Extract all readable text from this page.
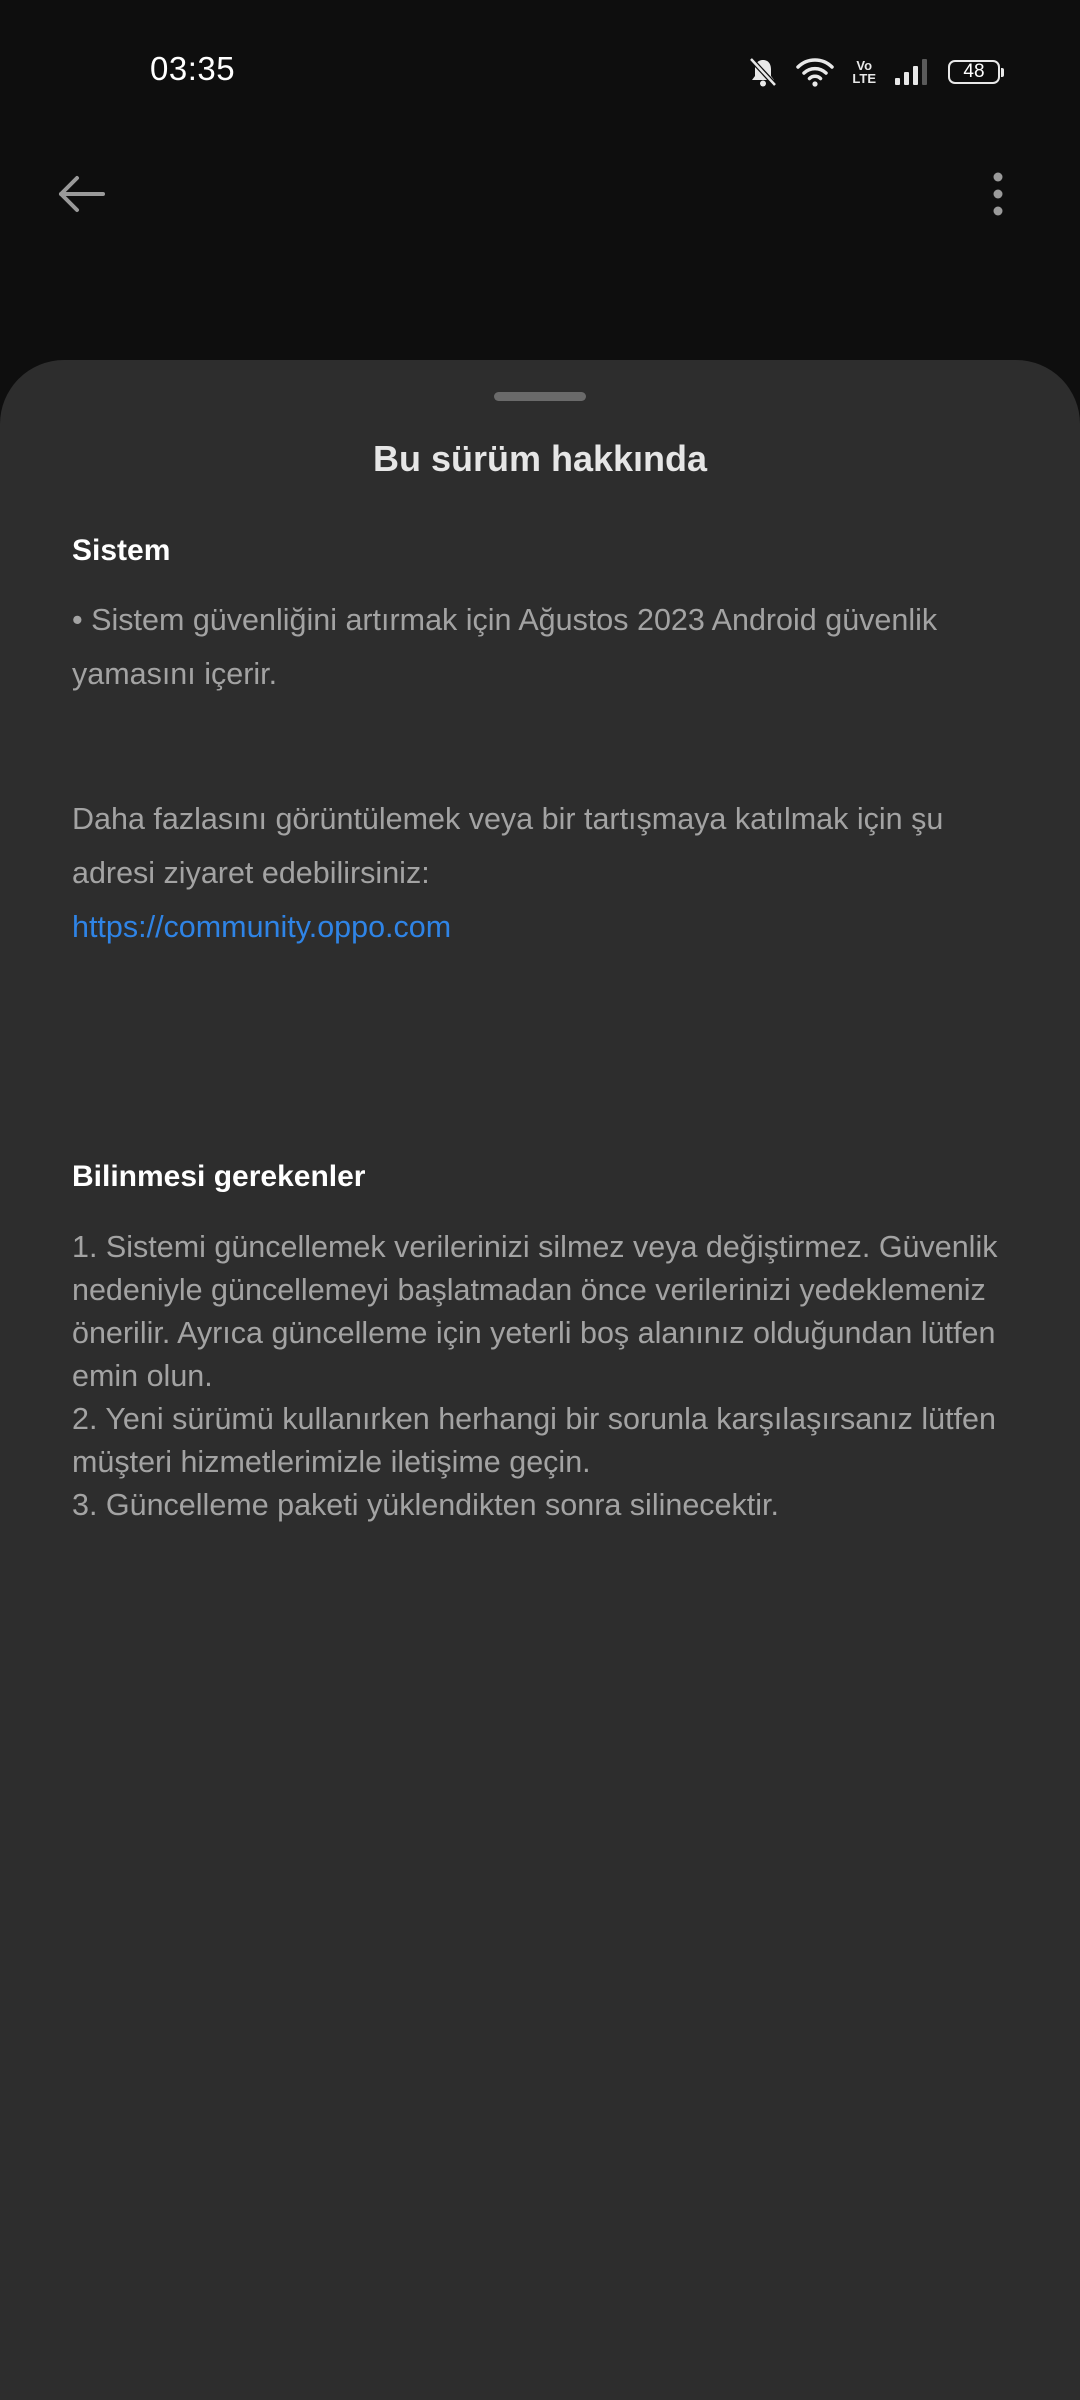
03:35	Vo
LTE	48
Bu sürüm hakkında
Sistem
• Sistem güvenliğini artırmak için Ağustos 2023 Android güvenlik yamasını içerir.
Daha fazlasını görüntülemek veya bir tartışmaya katılmak için şu adresi ziyaret edebilirsiniz:
https://community.oppo.com
Bilinmesi gerekenler
1. Sistemi güncellemek verilerinizi silmez veya değiştirmez. Güvenlik nedeniyle güncellemeyi başlatmadan önce verilerinizi yedeklemeniz önerilir. Ayrıca güncelleme için yeterli boş alanınız olduğundan lütfen emin olun.
2. Yeni sürümü kullanırken herhangi bir sorunla karşılaşırsanız lütfen müşteri hizmetlerimizle iletişime geçin.
3. Güncelleme paketi yüklendikten sonra silinecektir.
